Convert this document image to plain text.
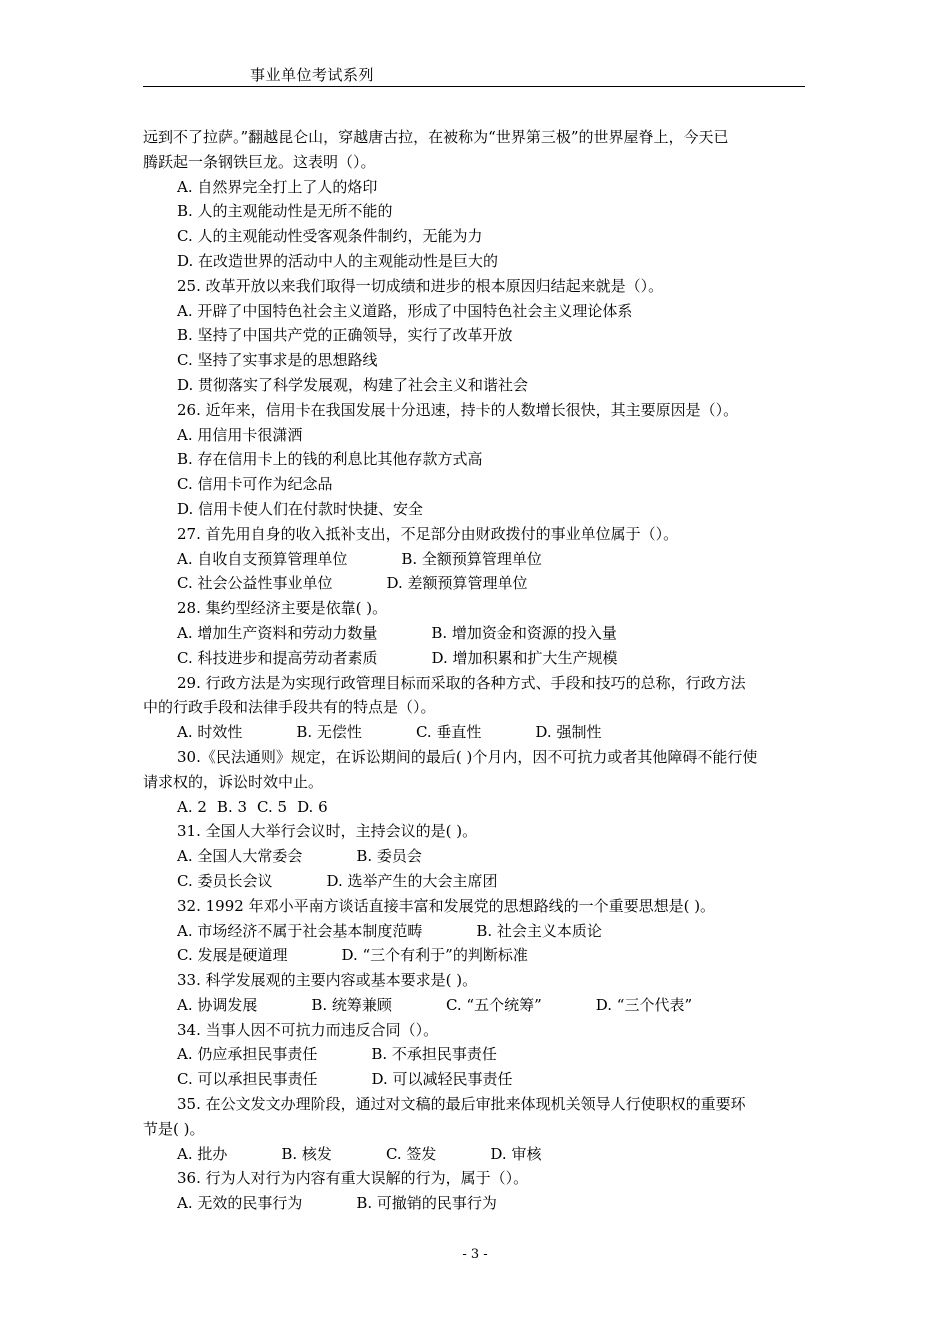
事业单位考试系列
远到不了拉萨。”翻越昆仑山，穿越唐古拉，在被称为“世界第三极”的世界屋脊上，今天已
腾跃起一条钢铁巨龙。这表明（）。
A. 自然界完全打上了人的烙印
B. 人的主观能动性是无所不能的
C. 人的主观能动性受客观条件制约，无能为力
D. 在改造世界的活动中人的主观能动性是巨大的
25. 改革开放以来我们取得一切成绩和进步的根本原因归结起来就是（）。
A. 开辟了中国特色社会主义道路，形成了中国特色社会主义理论体系
B. 坚持了中国共产党的正确领导，实行了改革开放
C. 坚持了实事求是的思想路线
D. 贯彻落实了科学发展观，构建了社会主义和谐社会
26. 近年来，信用卡在我国发展十分迅速，持卡的人数增长很快，其主要原因是（）。
A. 用信用卡很潇洒
B. 存在信用卡上的钱的利息比其他存款方式高
C. 信用卡可作为纪念品
D. 信用卡使人们在付款时快捷、安全
27. 首先用自身的收入抵补支出，不足部分由财政拨付的事业单位属于（）。
A. 自收自支预算管理单位	B. 全额预算管理单位
C. 社会公益性事业单位	D. 差额预算管理单位
28. 集约型经济主要是依靠( )。
A. 增加生产资料和劳动力数量	B. 增加资金和资源的投入量
C. 科技进步和提高劳动者素质	D. 增加积累和扩大生产规模
29. 行政方法是为实现行政管理目标而采取的各种方式、手段和技巧的总称，行政方法
中的行政手段和法律手段共有的特点是（）。
A. 时效性	B. 无偿性	C. 垂直性	D. 强制性
30.《民法通则》规定，在诉讼期间的最后( )个月内，因不可抗力或者其他障碍不能行使
请求权的，诉讼时效中止。
A. 2 B. 3 C. 5 D. 6
31. 全国人大举行会议时，主持会议的是( )。
A. 全国人大常委会	B. 委员会
C. 委员长会议	D. 选举产生的大会主席团
32. 1992 年邓小平南方谈话直接丰富和发展党的思想路线的一个重要思想是( )。
A. 市场经济不属于社会基本制度范畴	B. 社会主义本质论
C. 发展是硬道理	D. “三个有利于”的判断标准
33. 科学发展观的主要内容或基本要求是( )。
A. 协调发展	B. 统筹兼顾	C. “五个统筹”	D. “三个代表”
34. 当事人因不可抗力而违反合同（）。
A. 仍应承担民事责任	B. 不承担民事责任
C. 可以承担民事责任	D. 可以减轻民事责任
35. 在公文发文办理阶段，通过对文稿的最后审批来体现机关领导人行使职权的重要环
节是( )。
A. 批办	B. 核发	C. 签发	D. 审核
36. 行为人对行为内容有重大误解的行为，属于（）。
A. 无效的民事行为	B. 可撤销的民事行为
- 3 -
